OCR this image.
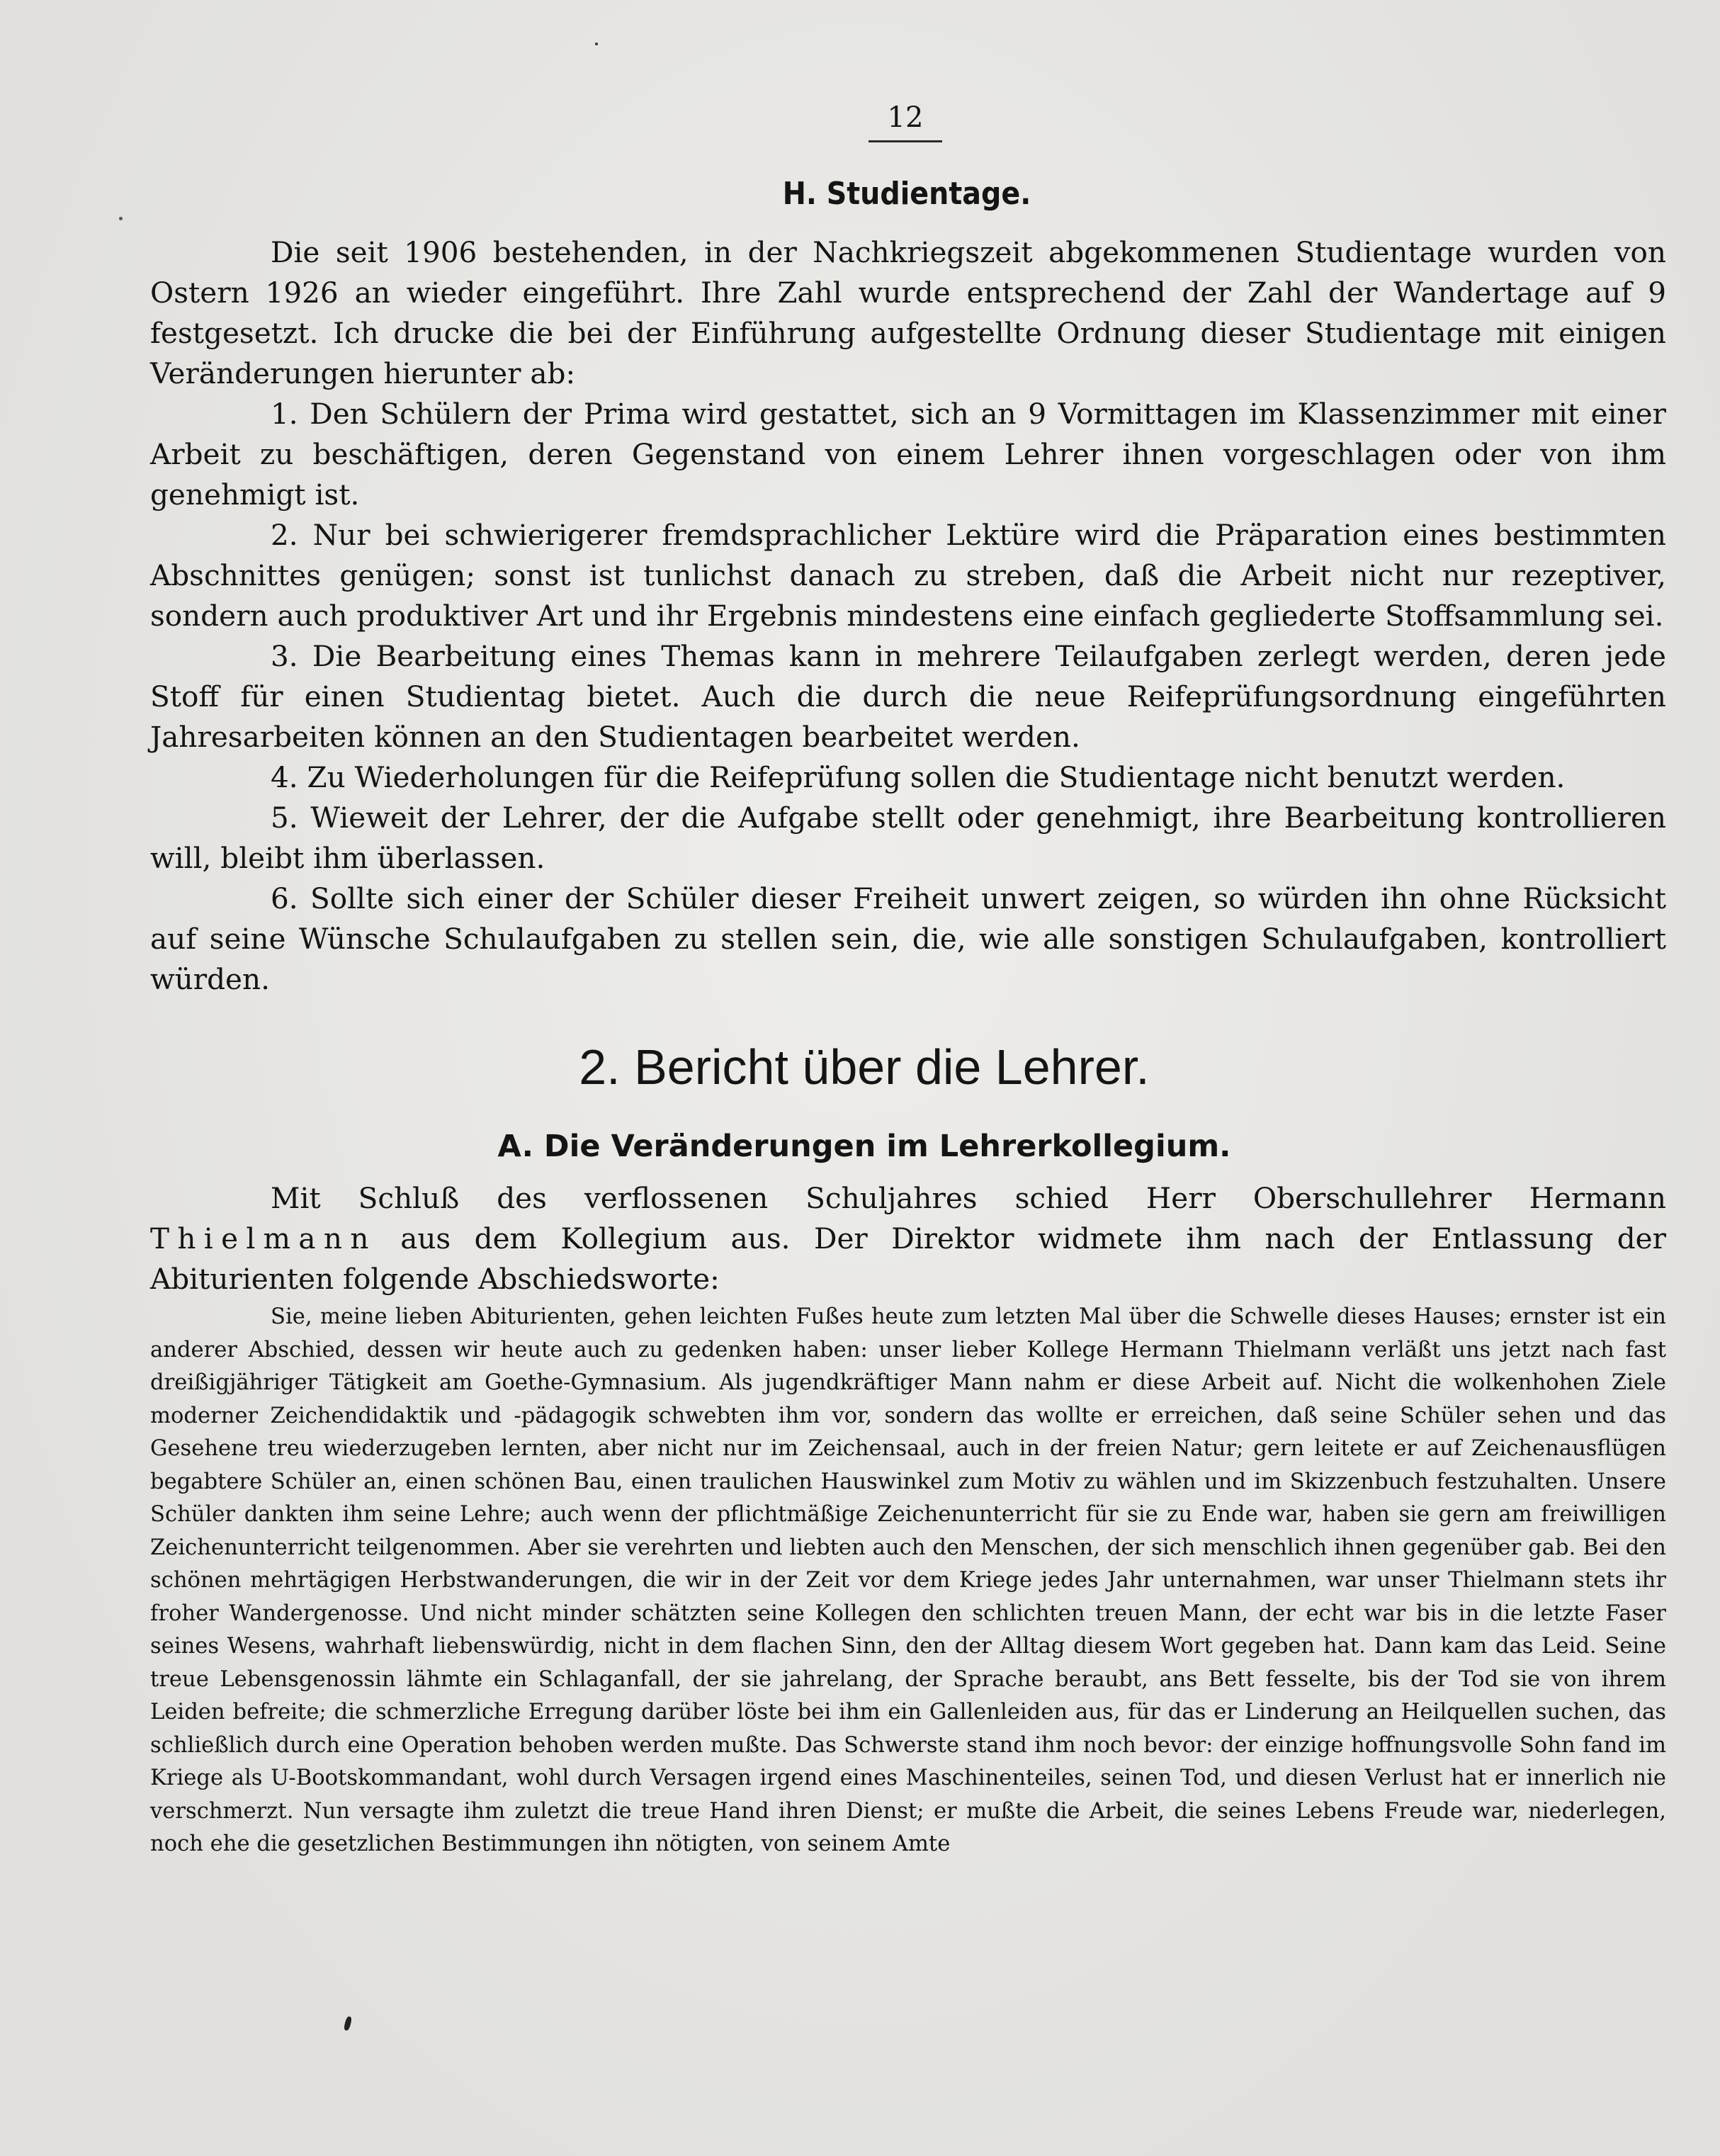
12
H. Studientage.

Die seit 1906 bestehenden, in der Nachkriegszeit abgekommenen Studientage wurden von Ostern 1926 an wieder eingeführt. Ihre Zahl wurde entsprechend der Zahl der Wandertage auf 9 festgesetzt. Ich drucke die bei der Einführung aufgestellte Ordnung dieser Studientage mit einigen Veränderungen hierunter ab:

1. Den Schülern der Prima wird gestattet, sich an 9 Vormittagen im Klassenzimmer mit einer Arbeit zu beschäftigen, deren Gegenstand von einem Lehrer ihnen vorgeschlagen oder von ihm genehmigt ist.

2. Nur bei schwierigerer fremdsprachlicher Lektüre wird die Präparation eines bestimmten Abschnittes genügen; sonst ist tunlichst danach zu streben, daß die Arbeit nicht nur rezeptiver, sondern auch produktiver Art und ihr Ergebnis mindestens eine einfach gegliederte Stoffsammlung sei.

3. Die Bearbeitung eines Themas kann in mehrere Teilaufgaben zerlegt werden, deren jede Stoff für einen Studientag bietet. Auch die durch die neue Reifeprüfungsordnung eingeführten Jahresarbeiten können an den Studientagen bearbeitet werden.

4. Zu Wiederholungen für die Reifeprüfung sollen die Studientage nicht benutzt werden.

5. Wieweit der Lehrer, der die Aufgabe stellt oder genehmigt, ihre Bearbeitung kontrollieren will, bleibt ihm überlassen.

6. Sollte sich einer der Schüler dieser Freiheit unwert zeigen, so würden ihn ohne Rücksicht auf seine Wünsche Schulaufgaben zu stellen sein, die, wie alle sonstigen Schulaufgaben, kontrolliert würden.

2. Bericht über die Lehrer.
A. Die Veränderungen im Lehrerkollegium.

Mit Schluß des verflossenen Schuljahres schied Herr Oberschullehrer Hermann Thielmann aus dem Kollegium aus. Der Direktor widmete ihm nach der Entlassung der Abiturienten folgende Abschiedsworte:

Sie, meine lieben Abiturienten, gehen leichten Fußes heute zum letzten Mal über die Schwelle dieses Hauses; ernster ist ein anderer Abschied, dessen wir heute auch zu gedenken haben: unser lieber Kollege Hermann Thielmann verläßt uns jetzt nach fast dreißigjähriger Tätigkeit am Goethe-Gymnasium. Als jugendkräftiger Mann nahm er diese Arbeit auf. Nicht die wolkenhohen Ziele moderner Zeichendidaktik und -pädagogik schwebten ihm vor, sondern das wollte er erreichen, daß seine Schüler sehen und das Gesehene treu wiederzugeben lernten, aber nicht nur im Zeichensaal, auch in der freien Natur; gern leitete er auf Zeichenausflügen begabtere Schüler an, einen schönen Bau, einen traulichen Hauswinkel zum Motiv zu wählen und im Skizzenbuch festzuhalten. Unsere Schüler dankten ihm seine Lehre; auch wenn der pflichtmäßige Zeichenunterricht für sie zu Ende war, haben sie gern am freiwilligen Zeichenunterricht teilgenommen. Aber sie verehrten und liebten auch den Menschen, der sich menschlich ihnen gegenüber gab. Bei den schönen mehrtägigen Herbstwanderungen, die wir in der Zeit vor dem Kriege jedes Jahr unternahmen, war unser Thielmann stets ihr froher Wandergenosse. Und nicht minder schätzten seine Kollegen den schlichten treuen Mann, der echt war bis in die letzte Faser seines Wesens, wahrhaft liebenswürdig, nicht in dem flachen Sinn, den der Alltag diesem Wort gegeben hat. Dann kam das Leid. Seine treue Lebensgenossin lähmte ein Schlaganfall, der sie jahrelang, der Sprache beraubt, ans Bett fesselte, bis der Tod sie von ihrem Leiden befreite; die schmerzliche Erregung darüber löste bei ihm ein Gallenleiden aus, für das er Linderung an Heilquellen suchen, das schließlich durch eine Operation behoben werden mußte. Das Schwerste stand ihm noch bevor: der einzige hoffnungsvolle Sohn fand im Kriege als U-Bootskommandant, wohl durch Versagen irgend eines Maschinenteiles, seinen Tod, und diesen Verlust hat er innerlich nie verschmerzt. Nun versagte ihm zuletzt die treue Hand ihren Dienst; er mußte die Arbeit, die seines Lebens Freude war, niederlegen, noch ehe die gesetzlichen Bestimmungen ihn nötigten, von seinem Amte
